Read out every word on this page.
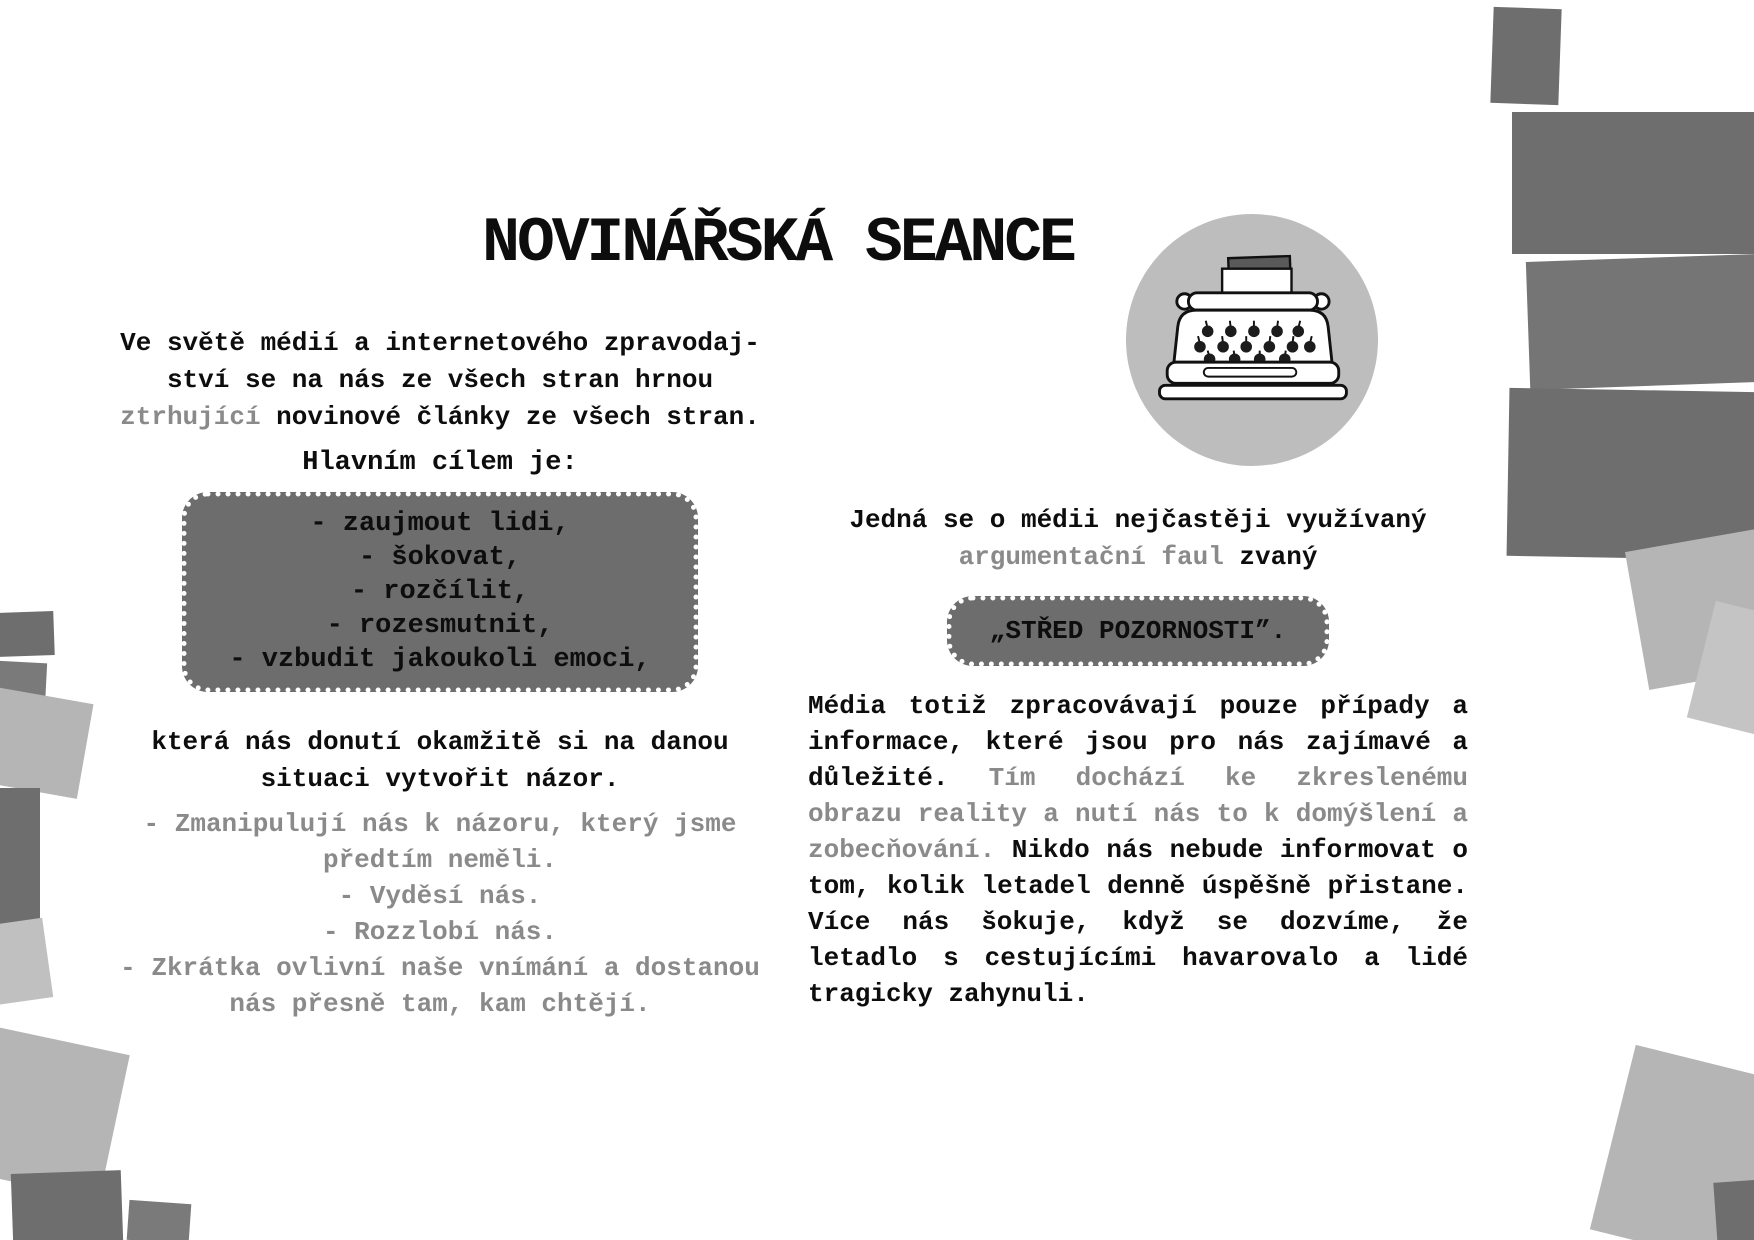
NOVINÁŘSKÁ SEANCE

Ve světě médií a internetového zpravodaj-
ství se na nás ze všech stran hrnou
ztrhující novinové články ze všech stran.

Hlavním cílem je:

- zaujmout lidi,
- šokovat,
- rozčílit,
- rozesmutnit,
- vzbudit jakoukoli emoci,

která nás donutí okamžitě si na danou situaci vytvořit názor.

- Zmanipulují nás k názoru, který jsme předtím neměli.

- Vyděsí nás.

- Rozzlobí nás.

- Zkrátka ovlivní naše vnímání a dostanou nás přesně tam, kam chtějí.

Jedná se o médii nejčastěji využívaný
argumentační faul zvaný

„STŘED POZORNOSTI”.

Média totiž zpracovávají pouze případy a informace, které jsou pro nás zajímavé a důležité. Tím dochází ke zkreslenému obrazu reality a nutí nás to k domýšlení a zobecňování. Nikdo nás nebude informovat o tom, kolik letadel denně úspěšně přistane. Více nás šokuje, když se dozvíme, že letadlo s cestujícími havarovalo a lidé tragicky zahynuli.
